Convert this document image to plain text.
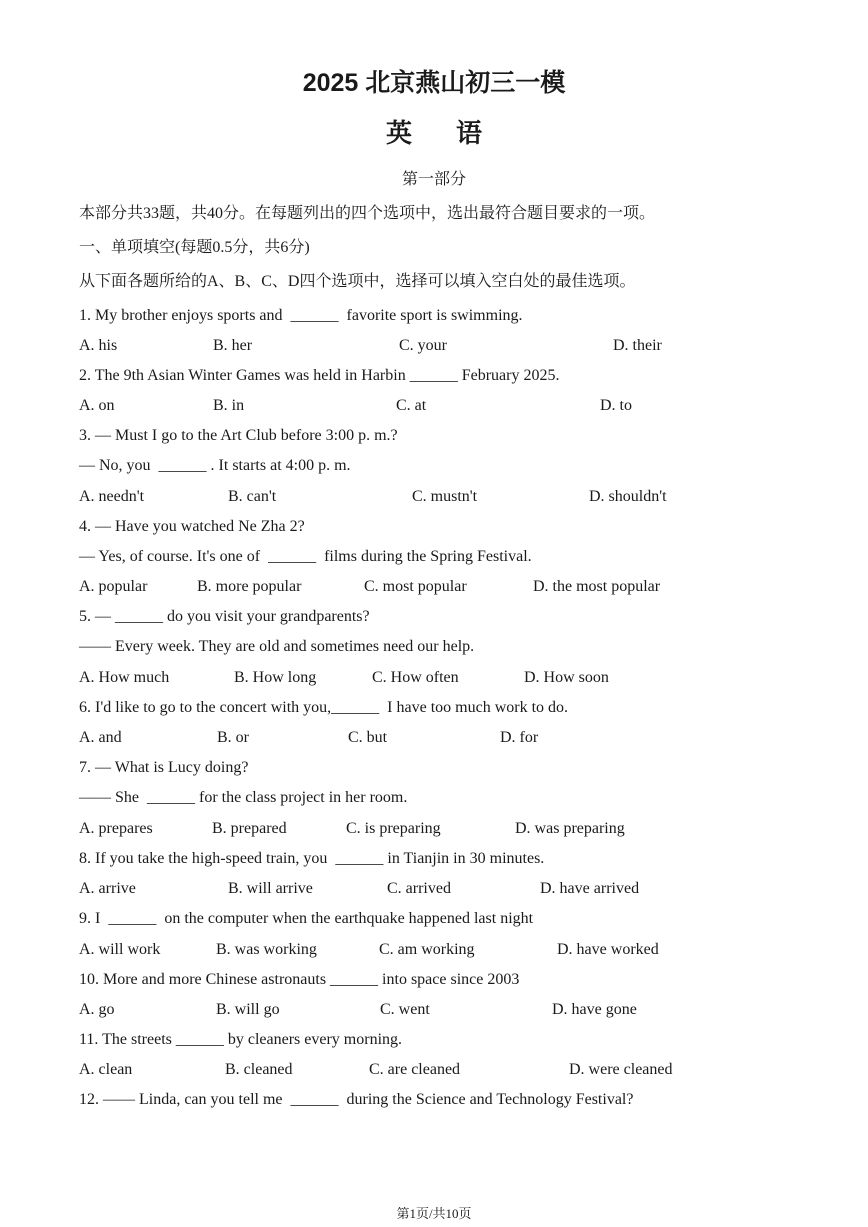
2025 北京燕山初三一模
英语
第一部分
本部分共33题，共40分。在每题列出的四个选项中，选出最符合题目要求的一项。
一、单项填空(每题0.5分，共6分)
从下面各题所给的A、B、C、D四个选项中，选择可以填入空白处的最佳选项。
1. My brother enjoys sports and  ______  favorite sport is swimming.
A. his	B. her	C. your	D. their
2. The 9th Asian Winter Games was held in Harbin ______ February 2025.
A. on	B. in	C. at	D. to
3. — Must I go to the Art Club before 3:00 p. m.?
— No, you  ______ . It starts at 4:00 p. m.
A. needn't	B. can't	C. mustn't	D. shouldn't
4. — Have you watched Ne Zha 2?
— Yes, of course. It's one of  ______  films during the Spring Festival.
A. popular	B. more popular	C. most popular	D. the most popular
5. — ______ do you visit your grandparents?
—— Every week. They are old and sometimes need our help.
A. How much	B. How long	C. How often	D. How soon
6. I'd like to go to the concert with you,______  I have too much work to do.
A. and	B. or	C. but	D. for
7. — What is Lucy doing?
—— She  ______ for the class project in her room.
A. prepares	B. prepared	C. is preparing	D. was preparing
8. If you take the high-speed train, you  ______ in Tianjin in 30 minutes.
A. arrive	B. will arrive	C. arrived	D. have arrived
9. I  ______  on the computer when the earthquake happened last night
A. will work	B. was working	C. am working	D. have worked
10. More and more Chinese astronauts ______ into space since 2003
A. go	B. will go	C. went	D. have gone
11. The streets ______ by cleaners every morning.
A. clean	B. cleaned	C. are cleaned	D. were cleaned
12. —— Linda, can you tell me  ______  during the Science and Technology Festival?
第1页/共10页
